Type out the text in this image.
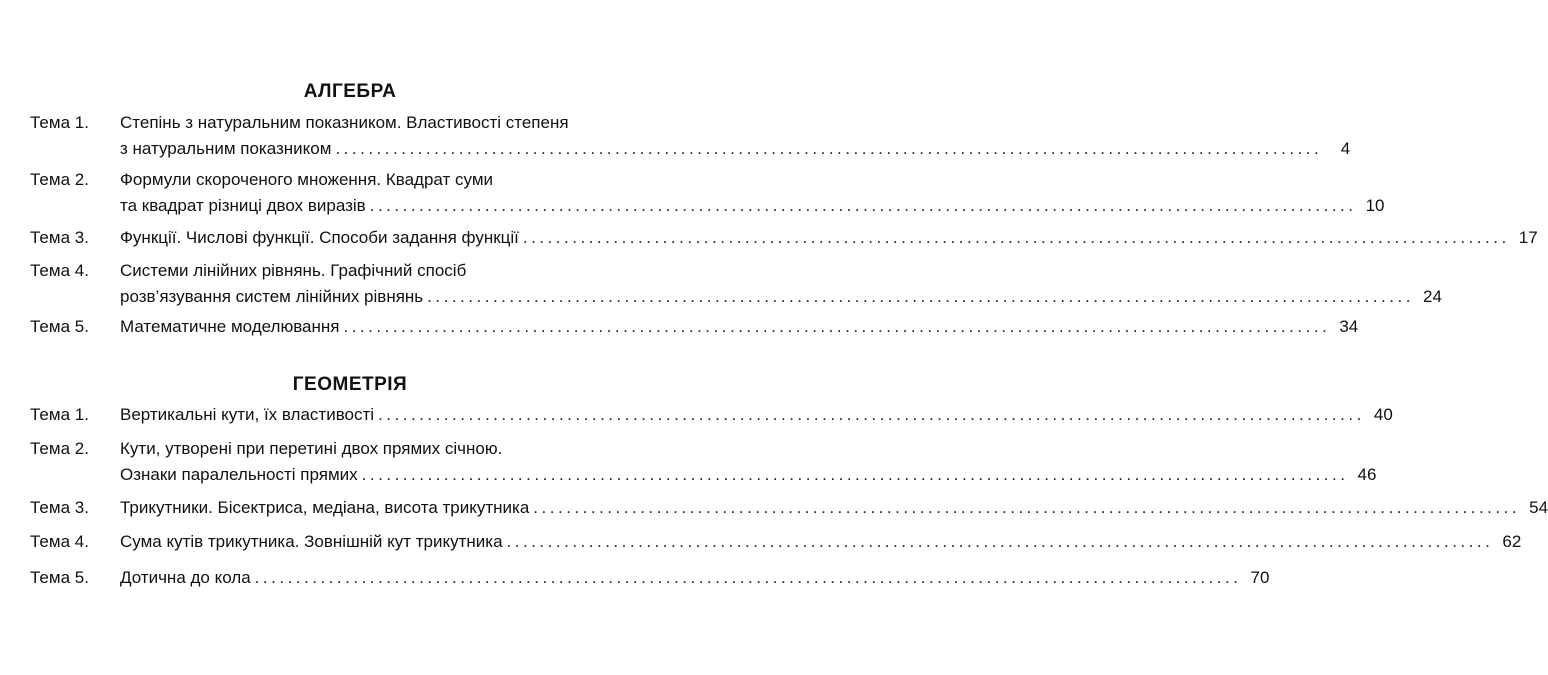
АЛГЕБРА
Тема 1.	Степінь з натуральним показником. Властивості степеня
з натуральним показником ........................................................................................................................	4
Тема 2.	Формули скороченого множення. Квадрат суми
та квадрат різниці двох виразів ........................................................................................................................ 10
Тема 3.	Функції. Числові функції. Способи задання функції ........................................................................................................................ 17
Тема 4.	Системи лінійних рівнянь. Графічний спосіб
розв’язування систем лінійних рівнянь ........................................................................................................................ 24
Тема 5.	Математичне моделювання ........................................................................................................................ 34
ГЕОМЕТРІЯ
Тема 1.	Вертикальні кути, їх властивості ........................................................................................................................ 40
Тема 2.	Кути, утворені при перетині двох прямих січною.
Ознаки паралельності прямих ........................................................................................................................ 46
Тема 3.	Трикутники. Бісектриса, медіана, висота трикутника ........................................................................................................................ 54
Тема 4.	Сума кутів трикутника. Зовнішній кут трикутника ........................................................................................................................ 62
Тема 5.	Дотична до кола ........................................................................................................................ 70
